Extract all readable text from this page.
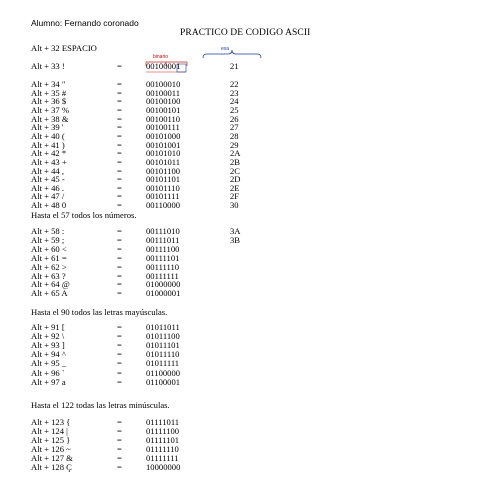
Alumno: Fernando coronado
PRACTICO DE CODIGO ASCII
Alt + 32 ESPACIO
binario
exa
Alt + 33 !	=	00100001	21
Alt + 34 "	=	00100010	22
Alt + 35 #	=	00100011	23
Alt + 36 $	=	00100100	24
Alt + 37 %	=	00100101	25
Alt + 38 &	=	00100110	26
Alt + 39 '	=	00100111	27
Alt + 40 (	=	00101000	28
Alt + 41 )	=	00101001	29
Alt + 42 *	=	00101010	2A
Alt + 43 +	=	00101011	2B
Alt + 44 ,	=	00101100	2C
Alt + 45 -	=	00101101	2D
Alt + 46 .	=	00101110	2E
Alt + 47 /	=	00101111	2F
Alt + 48 0	=	00110000	30
Hasta el 57 todos los números.
Alt + 58 :	=	00111010	3A
Alt + 59 ;	=	00111011	3B
Alt + 60 <	=	00111100
Alt + 61 =	=	00111101
Alt + 62 >	=	00111110
Alt + 63 ?	=	00111111
Alt + 64 @	=	01000000
Alt + 65 A	=	01000001
Hasta el 90 todos las letras mayúsculas.
Alt + 91 [	=	01011011
Alt + 92 \	=	01011100
Alt + 93 ]	=	01011101
Alt + 94 ^	=	01011110
Alt + 95 _	=	01011111
Alt + 96 `	=	01100000
Alt + 97 a	=	01100001
Hasta el 122 todas las letras minúsculas.
Alt + 123 {	=	01111011
Alt + 124 |	=	01111100
Alt + 125 }	=	01111101
Alt + 126 ~	=	01111110
Alt + 127 &	=	01111111
Alt + 128 Ç	=	10000000
